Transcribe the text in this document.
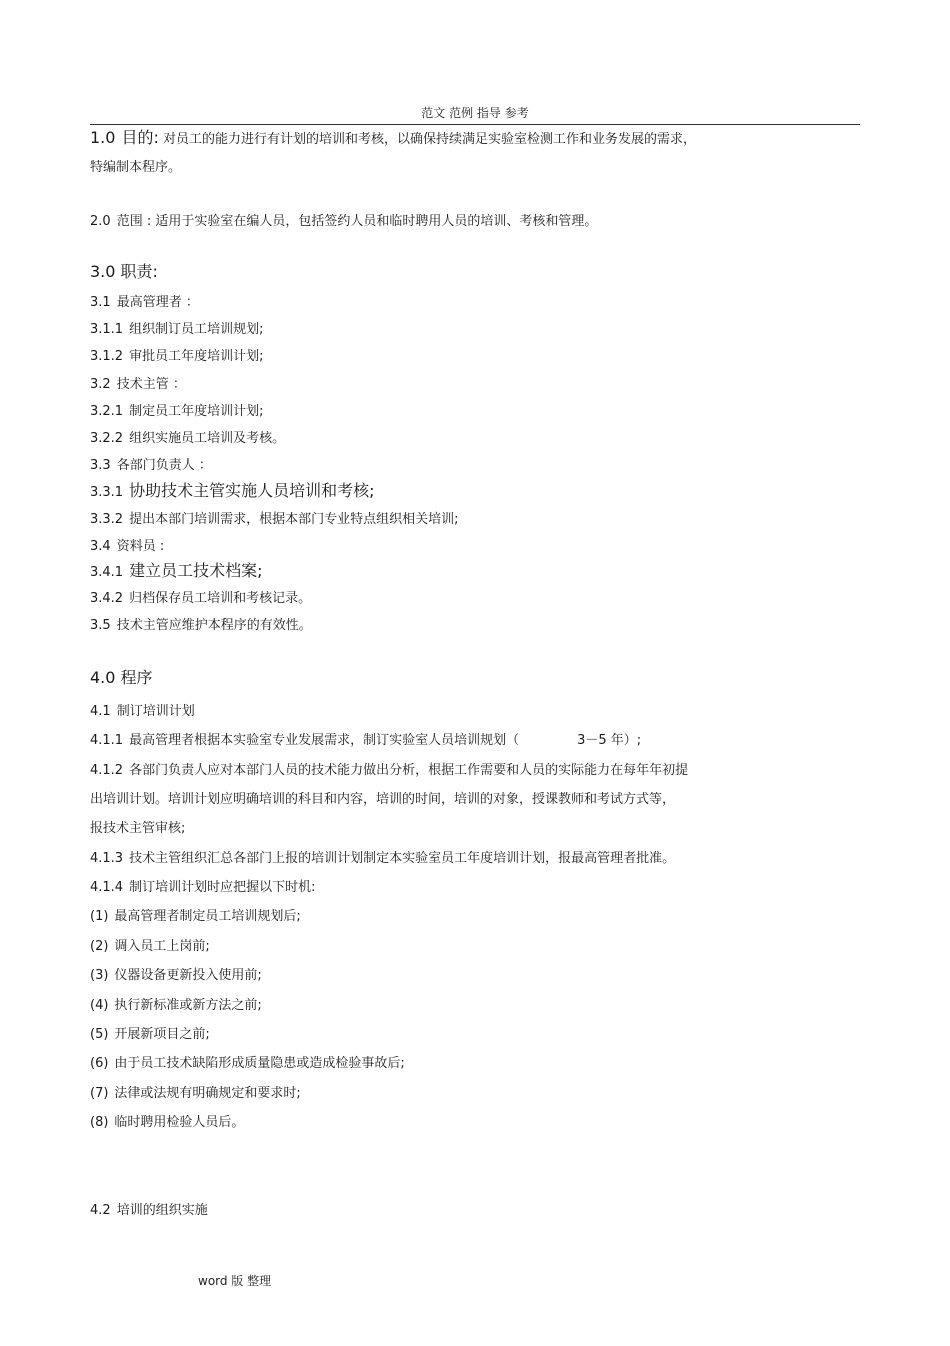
范文 范例 指导 参考
1.0 目的: 对员工的能力进行有计划的培训和考核，以确保持续满足实验室检测工作和业务发展的需求，
特编制本程序。
2.0 范围 : 适用于实验室在编人员，包括签约人员和临时聘用人员的培训、考核和管理。
3.0 职责:
3.1 最高管理者 ：
3.1.1 组织制订员工培训规划;
3.1.2 审批员工年度培训计划;
3.2 技术主管 ：
3.2.1 制定员工年度培训计划;
3.2.2 组织实施员工培训及考核。
3.3 各部门负责人 ：
3.3.1 协助技术主管实施人员培训和考核;
3.3.2 提出本部门培训需求，根据本部门专业特点组织相关培训;
3.4 资料员 :
3.4.1 建立员工技术档案;
3.4.2 归档保存员工培训和考核记录。
3.5 技术主管应维护本程序的有效性。
4.0 程序
4.1 制订培训计划
4.1.1 最高管理者根据本实验室专业发展需求，制订实验室人员培训规划（	3－5 年）;
4.1.2 各部门负责人应对本部门人员的技术能力做出分析，根据工作需要和人员的实际能力在每年年初提
出培训计划。培训计划应明确培训的科目和内容，培训的时间，培训的对象，授课教师和考试方式等，
报技术主管审核;
4.1.3 技术主管组织汇总各部门上报的培训计划制定本实验室员工年度培训计划，报最高管理者批准。
4.1.4 制订培训计划时应把握以下时机:
(1) 最高管理者制定员工培训规划后;
(2) 调入员工上岗前;
(3) 仪器设备更新投入使用前;
(4) 执行新标准或新方法之前;
(5) 开展新项目之前;
(6) 由于员工技术缺陷形成质量隐患或造成检验事故后;
(7) 法律或法规有明确规定和要求时;
(8) 临时聘用检验人员后。
4.2 培训的组织实施
word 版 整理
